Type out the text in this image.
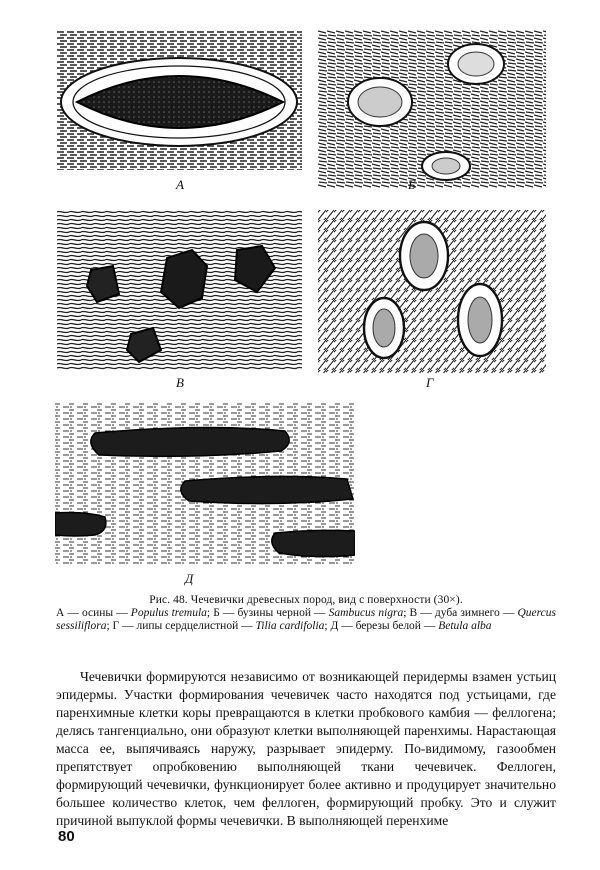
А	Б
В	Г
Д
Рис. 48. Чечевички древесных пород, вид с поверхности (30×).
А — осины — Populus tremula; Б — бузины черной — Sambucus nigra; В — дуба зимнего — Quercus sessiliflora; Г — липы сердцелистной — Tilia cardifolia; Д — березы белой — Betula alba

Чечевички формируются независимо от возникающей перидермы взамен устьиц эпидермы. Участки формирования чечевичек часто находятся под устьицами, где паренхимные клетки коры превращаются в клетки пробкового камбия — феллогена; делясь тангенциально, они образуют клетки выполняющей паренхимы. Нарастающая масса ее, выпячиваясь наружу, разрывает эпидерму. По-видимому, газообмен препятствует опробковению выполняющей ткани чечевичек. Феллоген, формирующий чечевички, функционирует более активно и продуцирует значительно большее количество клеток, чем феллоген, формирующий пробку. Это и служит причиной выпуклой формы чечевички. В выполняющей перенхиме

80
